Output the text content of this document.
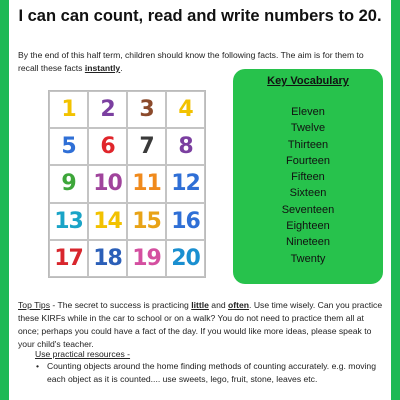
I can can count, read and write numbers to 20.

By the end of this half term, children should know the following facts. The aim is for them to recall these facts instantly.

1	2	3	4
5	6	7	8
9 10 11 12
13 14 15 16
17 18 19 20
Key Vocabulary
Eleven
Twelve
Thirteen
Fourteen
Fifteen
Sixteen
Seventeen
Eighteen
Nineteen
Twenty

Top Tips - The secret to success is practicing little and often. Use time wisely. Can you practice these KIRFs while in the car to school or on a walk? You do not need to practice them all at once; perhaps you could have a fact of the day. If you would like more ideas, please speak to your child's teacher.

Use practical resources -
• Counting objects around the home finding methods of counting accurately. e.g. moving each object as it is counted.... use sweets, lego, fruit, stone, leaves etc.
